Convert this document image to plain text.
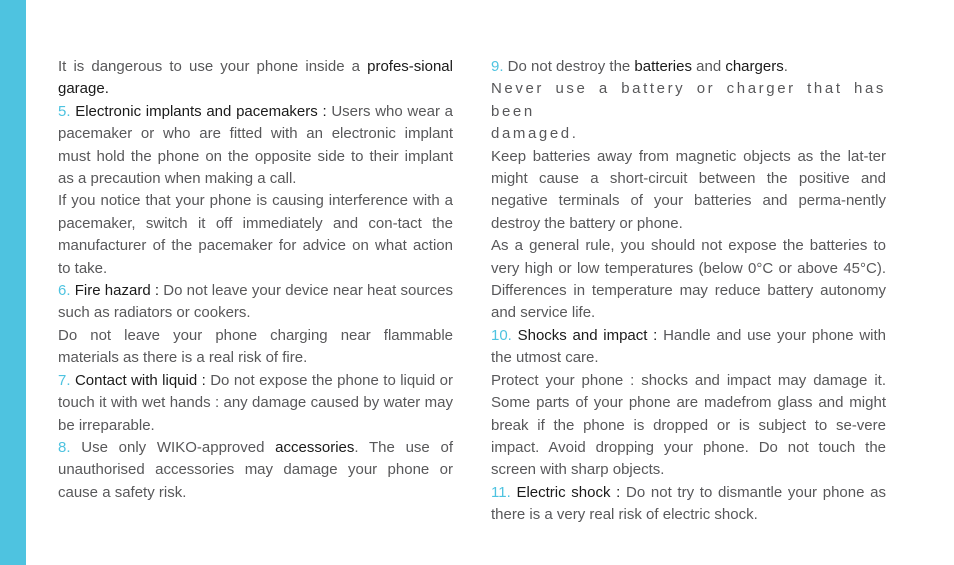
It is dangerous to use your phone inside a profes-sional garage.

5. Electronic implants and pacemakers : Users who wear a pacemaker or who are fitted with an electronic implant must hold the phone on the opposite side to their implant as a precaution when making a call.

If you notice that your phone is causing interference with a pacemaker, switch it off immediately and con-tact the manufacturer of the pacemaker for advice on what action to take.

6. Fire hazard : Do not leave your device near heat sources such as radiators or cookers.

Do not leave your phone charging near flammable materials as there is a real risk of fire.

7. Contact with liquid : Do not expose the phone to liquid or touch it with wet hands : any damage caused by water may be irreparable.

8. Use only WIKO-approved accessories. The use of unauthorised accessories may damage your phone or cause a safety risk.

9. Do not destroy the batteries and chargers.

Never use a battery or charger that has been
damaged.

Keep batteries away from magnetic objects as the lat-ter might cause a short-circuit between the positive and negative terminals of your batteries and perma-nently destroy the battery or phone.

As a general rule, you should not expose the batteries to very high or low temperatures (below 0°C or above 45°C). Differences in temperature may reduce battery autonomy and service life.

10. Shocks and impact : Handle and use your phone with the utmost care.

Protect your phone : shocks and impact may damage it. Some parts of your phone are madefrom glass and might break if the phone is dropped or is subject to se-vere impact. Avoid dropping your phone. Do not touch the screen with sharp objects.

11. Electric shock : Do not try to dismantle your phone as there is a very real risk of electric shock.
